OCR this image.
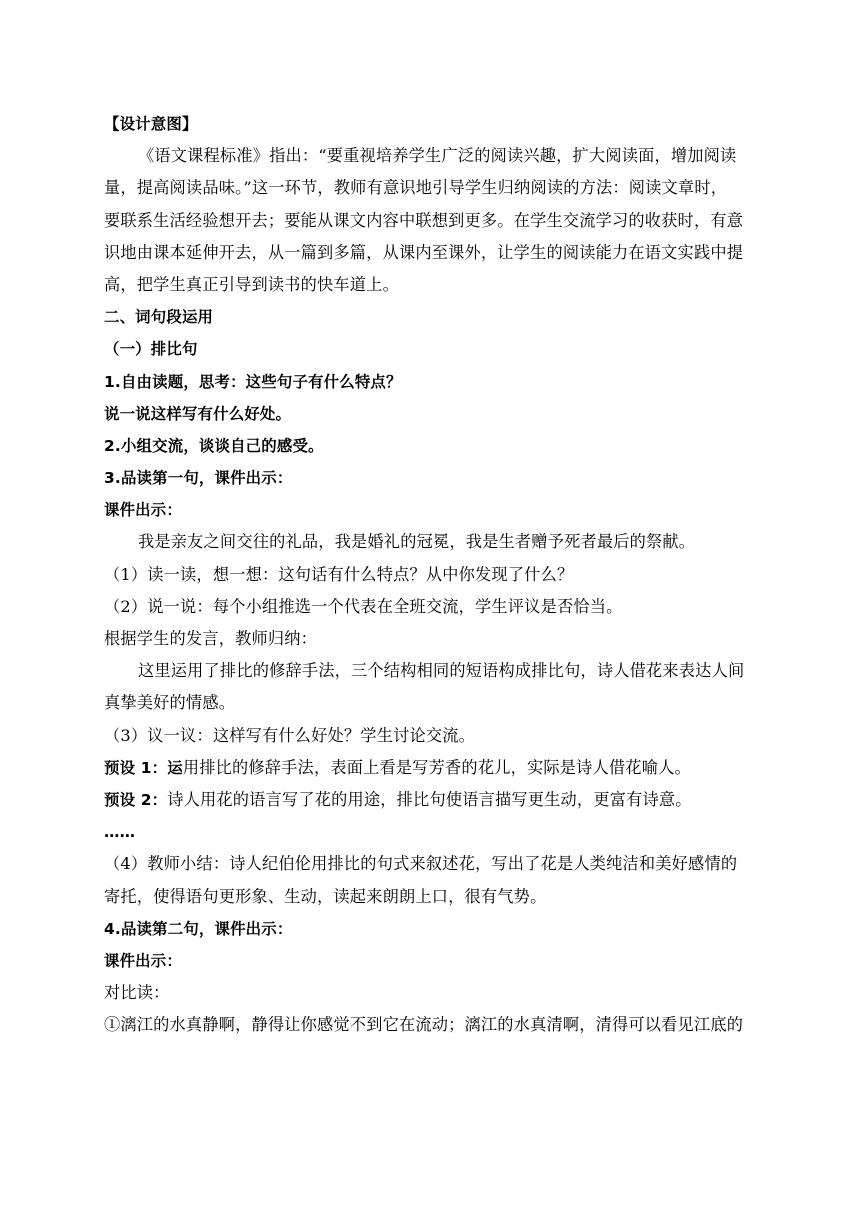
【设计意图】
《语文课程标准》指出：“要重视培养学生广泛的阅读兴趣，扩大阅读面，增加阅读
量，提高阅读品味。”这一环节，教师有意识地引导学生归纳阅读的方法：阅读文章时，
要联系生活经验想开去；要能从课文内容中联想到更多。在学生交流学习的收获时，有意
识地由课本延伸开去，从一篇到多篇，从课内至课外，让学生的阅读能力在语文实践中提
高，把学生真正引导到读书的快车道上。
二、词句段运用
（一）排比句
1.自由读题，思考：这些句子有什么特点？
说一说这样写有什么好处。
2.小组交流，谈谈自己的感受。
3.品读第一句，课件出示：
课件出示：
我是亲友之间交往的礼品，我是婚礼的冠冕，我是生者赠予死者最后的祭献。
（1）读一读，想一想：这句话有什么特点？从中你发现了什么？
（2）说一说：每个小组推选一个代表在全班交流，学生评议是否恰当。
根据学生的发言，教师归纳：
这里运用了排比的修辞手法，三个结构相同的短语构成排比句，诗人借花来表达人间
真挚美好的情感。
（3）议一议：这样写有什么好处？学生讨论交流。
预设 1：运用排比的修辞手法，表面上看是写芳香的花儿，实际是诗人借花喻人。
预设 2：诗人用花的语言写了花的用途，排比句使语言描写更生动，更富有诗意。
……
（4）教师小结：诗人纪伯伦用排比的句式来叙述花，写出了花是人类纯洁和美好感情的
寄托，使得语句更形象、生动，读起来朗朗上口，很有气势。
4.品读第二句，课件出示：
课件出示：
对比读：
①漓江的水真静啊，静得让你感觉不到它在流动；漓江的水真清啊，清得可以看见江底的
